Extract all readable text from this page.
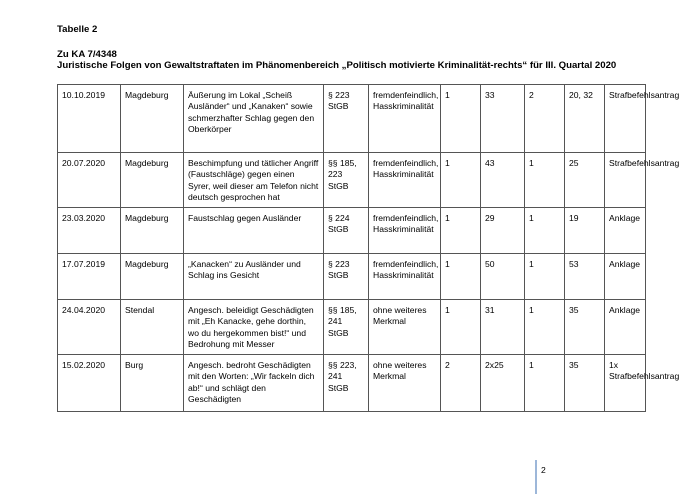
Tabelle 2
Zu KA 7/4348
Juristische Folgen von Gewaltstraftaten im Phänomenbereich „Politisch motivierte Kriminalität-rechts“ für III. Quartal 2020
10.10.2019	Magdeburg	Äußerung im Lokal „Scheiß Ausländer“ und „Kanaken“ sowie schmerzhafter Schlag gegen den Oberkörper	§ 223 StGB	fremdenfeindlich, Hasskriminalität	1	33	2	20, 32	Strafbefehlsantrag
20.07.2020	Magdeburg	Beschimpfung und tätlicher Angriff (Faustschläge) gegen einen Syrer, weil dieser am Telefon nicht deutsch gesprochen hat	§§ 185, 223 StGB	fremdenfeindlich, Hasskriminalität	1	43	1	25	Strafbefehlsantrag
23.03.2020	Magdeburg	Faustschlag gegen Ausländer	§ 224 StGB	fremdenfeindlich, Hasskriminalität	1	29	1	19	Anklage
17.07.2019	Magdeburg	„Kanacken“ zu Ausländer und Schlag ins Gesicht	§ 223 StGB	fremdenfeindlich, Hasskriminalität	1	50	1	53	Anklage
24.04.2020	Stendal	Angesch. beleidigt Geschädigten mit „Eh Kanacke, gehe dorthin, wo du hergekommen bist!“ und Bedrohung mit Messer	§§ 185, 241 StGB	ohne weiteres Merkmal	1	31	1	35	Anklage
15.02.2020	Burg	Angesch. bedroht Geschädigten mit den Worten: „Wir fackeln dich ab!“ und schlägt den Geschädigten	§§ 223, 241 StGB	ohne weiteres Merkmal	2	2x25	1	35	1x Strafbefehlsantrag
2
